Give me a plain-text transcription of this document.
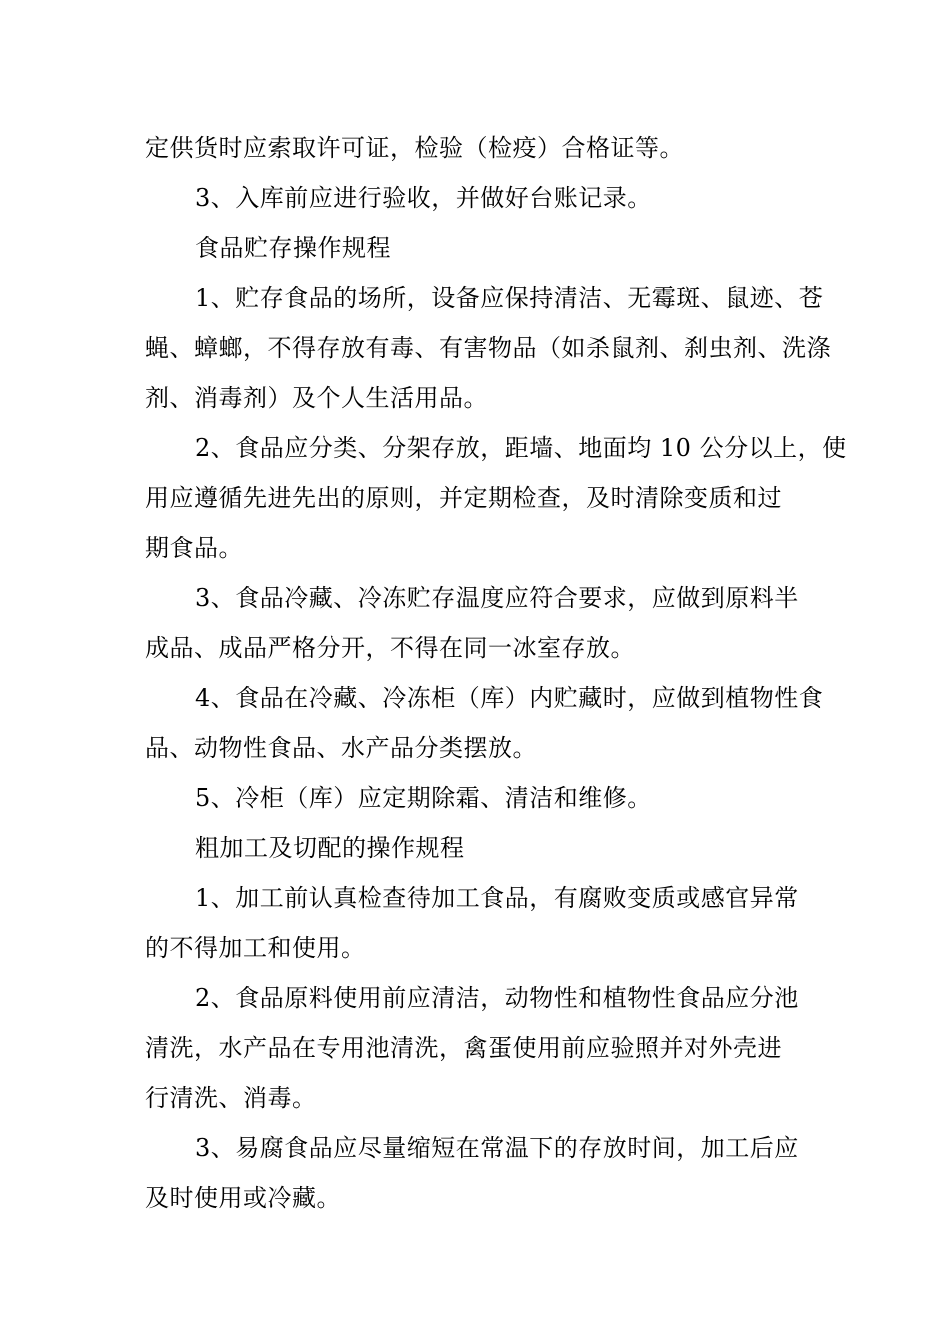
定供货时应索取许可证，检验（检疫）合格证等。
3、入库前应进行验收，并做好台账记录。
食品贮存操作规程
1、贮存食品的场所，设备应保持清洁、无霉斑、鼠迹、苍
蝇、蟑螂，不得存放有毒、有害物品（如杀鼠剂、刹虫剂、洗涤
剂、消毒剂）及个人生活用品。
2、食品应分类、分架存放，距墙、地面均 10 公分以上，使
用应遵循先进先出的原则，并定期检查，及时清除变质和过
期食品。
3、食品冷藏、冷冻贮存温度应符合要求，应做到原料半
成品、成品严格分开，不得在同一冰室存放。
4、食品在冷藏、冷冻柜（库）内贮藏时，应做到植物性食
品、动物性食品、水产品分类摆放。
5、冷柜（库）应定期除霜、清洁和维修。
粗加工及切配的操作规程
1、加工前认真检查待加工食品，有腐败变质或感官异常
的不得加工和使用。
2、食品原料使用前应清洁，动物性和植物性食品应分池
清洗，水产品在专用池清洗，禽蛋使用前应验照并对外壳进
行清洗、消毒。
3、易腐食品应尽量缩短在常温下的存放时间，加工后应
及时使用或冷藏。
